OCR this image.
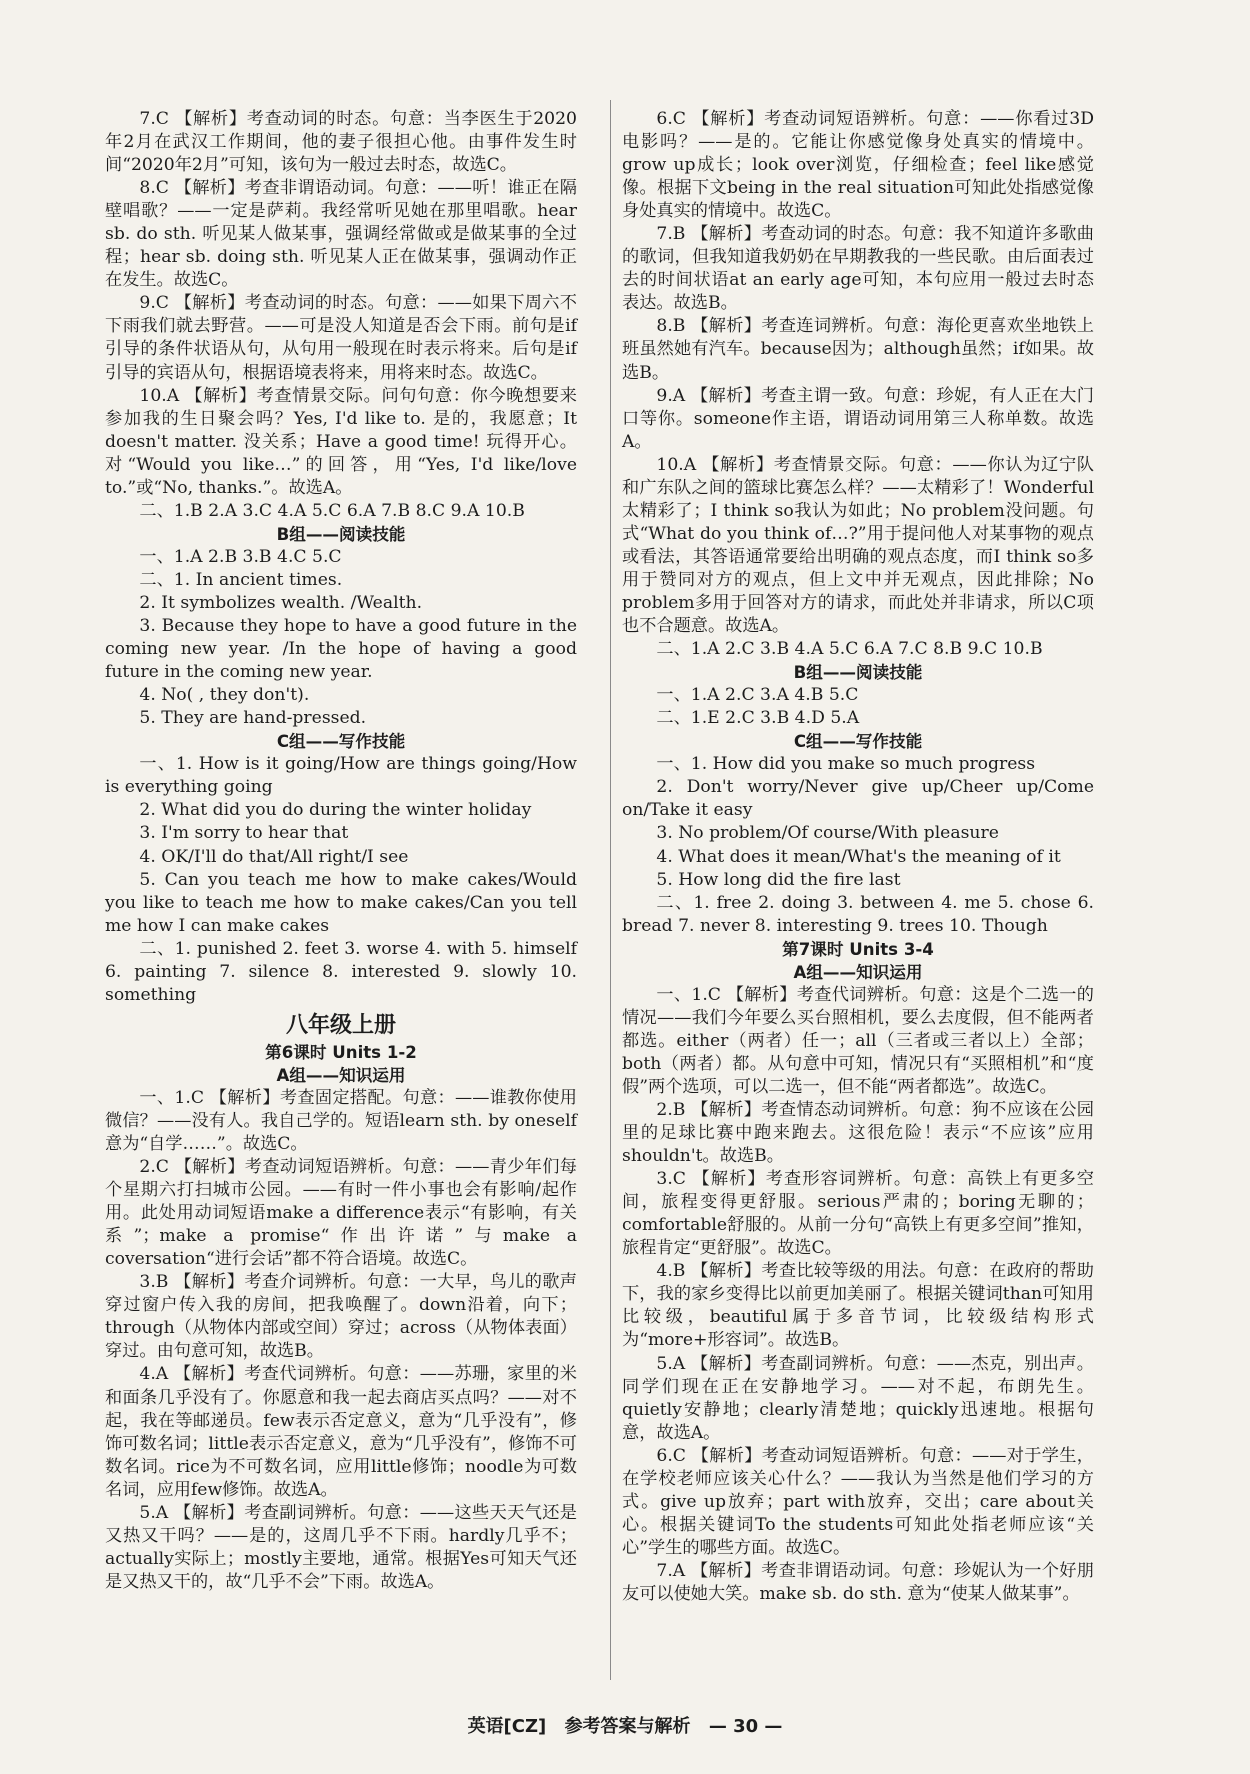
7.C 【解析】考查动词的时态。句意：当李医生于2020年2月在武汉工作期间，他的妻子很担心他。由事件发生时间“2020年2月”可知，该句为一般过去时态，故选C。

8.C 【解析】考查非谓语动词。句意：——听！谁正在隔壁唱歌？——一定是萨莉。我经常听见她在那里唱歌。hear sb. do sth. 听见某人做某事，强调经常做或是做某事的全过程；hear sb. doing sth. 听见某人正在做某事，强调动作正在发生。故选C。

9.C 【解析】考查动词的时态。句意：——如果下周六不下雨我们就去野营。——可是没人知道是否会下雨。前句是if引导的条件状语从句，从句用一般现在时表示将来。后句是if引导的宾语从句，根据语境表将来，用将来时态。故选C。

10.A 【解析】考查情景交际。问句句意：你今晚想要来参加我的生日聚会吗？Yes, I'd like to. 是的，我愿意；It doesn't matter. 没关系；Have a good time! 玩得开心。对“Would you like…”的回答，用“Yes, I'd like/love to.”或“No, thanks.”。故选A。

二、1.B 2.A 3.C 4.A 5.C 6.A 7.B 8.C 9.A 10.B

B组——阅读技能

一、1.A 2.B 3.B 4.C 5.C

二、1. In ancient times.

2. It symbolizes wealth. /Wealth.

3. Because they hope to have a good future in the coming new year. /In the hope of having a good future in the coming new year.

4. No( , they don't).

5. They are hand-pressed.

C组——写作技能

一、1. How is it going/How are things going/How is everything going

2. What did you do during the winter holiday

3. I'm sorry to hear that

4. OK/I'll do that/All right/I see

5. Can you teach me how to make cakes/Would you like to teach me how to make cakes/Can you tell me how I can make cakes

二、1. punished 2. feet 3. worse 4. with 5. himself 6. painting 7. silence 8. interested 9. slowly 10. something

八年级上册

第6课时 Units 1-2

A组——知识运用

一、1.C 【解析】考查固定搭配。句意：——谁教你使用微信？——没有人。我自己学的。短语learn sth. by oneself意为“自学……”。故选C。

2.C 【解析】考查动词短语辨析。句意：——青少年们每个星期六打扫城市公园。——有时一件小事也会有影响/起作用。此处用动词短语make a difference表示“有影响，有关系”；make a promise“作出许诺”与make a coversation“进行会话”都不符合语境。故选C。

3.B 【解析】考查介词辨析。句意：一大早，鸟儿的歌声穿过窗户传入我的房间，把我唤醒了。down沿着，向下；through（从物体内部或空间）穿过；across（从物体表面）穿过。由句意可知，故选B。

4.A 【解析】考查代词辨析。句意：——苏珊，家里的米和面条几乎没有了。你愿意和我一起去商店买点吗？——对不起，我在等邮递员。few表示否定意义，意为“几乎没有”，修饰可数名词；little表示否定意义，意为“几乎没有”，修饰不可数名词。rice为不可数名词，应用little修饰；noodle为可数名词，应用few修饰。故选A。

5.A 【解析】考查副词辨析。句意：——这些天天气还是又热又干吗？——是的，这周几乎不下雨。hardly几乎不；actually实际上；mostly主要地，通常。根据Yes可知天气还是又热又干的，故“几乎不会”下雨。故选A。

6.C 【解析】考查动词短语辨析。句意：——你看过3D电影吗？——是的。它能让你感觉像身处真实的情境中。grow up成长；look over浏览，仔细检查；feel like感觉像。根据下文being in the real situation可知此处指感觉像身处真实的情境中。故选C。

7.B 【解析】考查动词的时态。句意：我不知道许多歌曲的歌词，但我知道我奶奶在早期教我的一些民歌。由后面表过去的时间状语at an early age可知，本句应用一般过去时态表达。故选B。

8.B 【解析】考查连词辨析。句意：海伦更喜欢坐地铁上班虽然她有汽车。because因为；although虽然；if如果。故选B。

9.A 【解析】考查主谓一致。句意：珍妮，有人正在大门口等你。someone作主语，谓语动词用第三人称单数。故选A。

10.A 【解析】考查情景交际。句意：——你认为辽宁队和广东队之间的篮球比赛怎么样？——太精彩了！Wonderful太精彩了；I think so我认为如此；No problem没问题。句式“What do you think of…?”用于提问他人对某事物的观点或看法，其答语通常要给出明确的观点态度，而I think so多用于赞同对方的观点，但上文中并无观点，因此排除；No problem多用于回答对方的请求，而此处并非请求，所以C项也不合题意。故选A。

二、1.A 2.C 3.B 4.A 5.C 6.A 7.C 8.B 9.C 10.B

B组——阅读技能

一、1.A 2.C 3.A 4.B 5.C

二、1.E 2.C 3.B 4.D 5.A

C组——写作技能

一、1. How did you make so much progress

2. Don't worry/Never give up/Cheer up/Come on/Take it easy

3. No problem/Of course/With pleasure

4. What does it mean/What's the meaning of it

5. How long did the fire last

二、1. free 2. doing 3. between 4. me 5. chose 6. bread 7. never 8. interesting 9. trees 10. Though

第7课时 Units 3-4

A组——知识运用

一、1.C 【解析】考查代词辨析。句意：这是个二选一的情况——我们今年要么买台照相机，要么去度假，但不能两者都选。either（两者）任一；all（三者或三者以上）全部；both（两者）都。从句意中可知，情况只有“买照相机”和“度假”两个选项，可以二选一，但不能“两者都选”。故选C。

2.B 【解析】考查情态动词辨析。句意：狗不应该在公园里的足球比赛中跑来跑去。这很危险！表示“不应该”应用shouldn't。故选B。

3.C 【解析】考查形容词辨析。句意：高铁上有更多空间，旅程变得更舒服。serious严肃的；boring无聊的；comfortable舒服的。从前一分句“高铁上有更多空间”推知，旅程肯定“更舒服”。故选C。

4.B 【解析】考查比较等级的用法。句意：在政府的帮助下，我的家乡变得比以前更加美丽了。根据关键词than可知用比较级，beautiful属于多音节词，比较级结构形式为“more+形容词”。故选B。

5.A 【解析】考查副词辨析。句意：——杰克，别出声。同学们现在正在安静地学习。——对不起，布朗先生。quietly安静地；clearly清楚地；quickly迅速地。根据句意，故选A。

6.C 【解析】考查动词短语辨析。句意：——对于学生，在学校老师应该关心什么？——我认为当然是他们学习的方式。give up放弃；part with放弃，交出；care about关心。根据关键词To the students可知此处指老师应该“关心”学生的哪些方面。故选C。

7.A 【解析】考查非谓语动词。句意：珍妮认为一个好朋友可以使她大笑。make sb. do sth. 意为“使某人做某事”。

英语[CZ] 参考答案与解析 — 30 —
